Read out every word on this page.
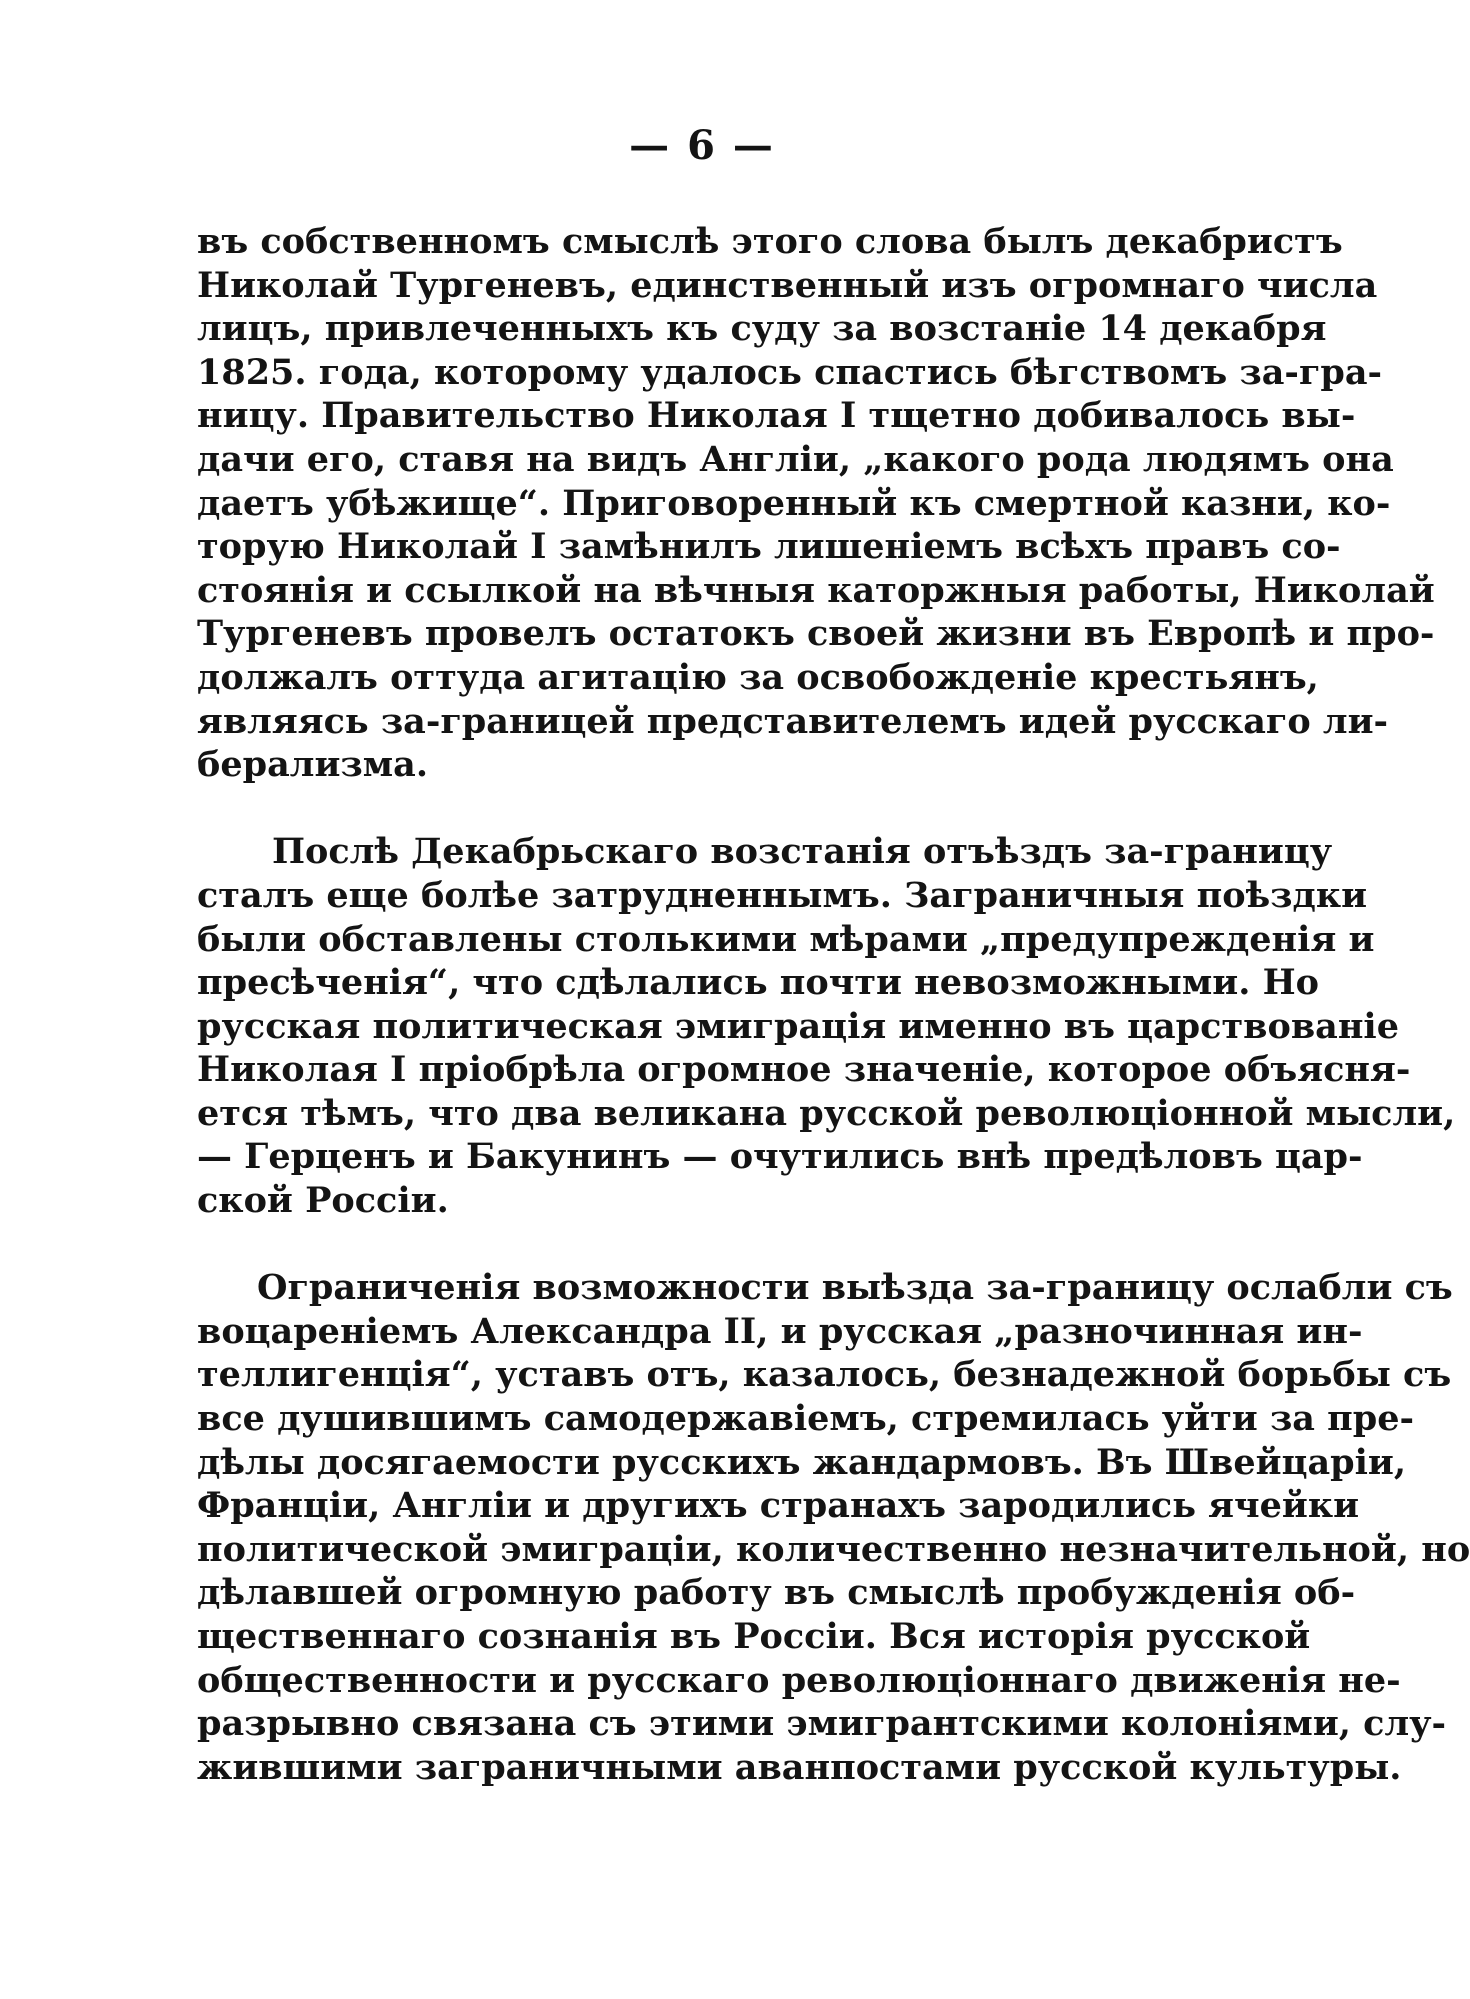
— 6 —

въ собственномъ смыслѣ этого слова былъ декабристъ
Николай Тургеневъ, единственный изъ огромнаго числа
лицъ, привлеченныхъ къ суду за возстаніе 14 декабря
1825. года, которому удалось спастись бѣгствомъ за-гра-
ницу. Правительство Николая I тщетно добивалось вы-
дачи его, ставя на видъ Англіи, „какого рода людямъ она
даетъ убѣжище“. Приговоренный къ смертной казни, ко-
торую Николай I замѣнилъ лишеніемъ всѣхъ правъ со-
стоянія и ссылкой на вѣчныя каторжныя работы, Николай
Тургеневъ провелъ остатокъ своей жизни въ Европѣ и про-
должалъ оттуда агитацію за освобожденіе крестьянъ,
являясь за-границей представителемъ идей русскаго ли-
берализма.

Послѣ Декабрьскаго возстанія отъѣздъ за-границу
сталъ еще болѣе затрудненнымъ. Заграничныя поѣздки
были обставлены столькими мѣрами „предупрежденія и
пресѣченія“, что сдѣлались почти невозможными. Но
русская политическая эмиграція именно въ царствованіе
Николая I пріобрѣла огромное значеніе, которое объясня-
ется тѣмъ, что два великана русской революціонной мысли,
— Герценъ и Бакунинъ — очутились внѣ предѣловъ цар-
ской Россіи.

Ограниченія возможности выѣзда за-границу ослабли съ
воцареніемъ Александра II, и русская „разночинная ин-
теллигенція“, уставъ отъ, казалось, безнадежной борьбы съ
все душившимъ самодержавіемъ, стремилась уйти за пре-
дѣлы досягаемости русскихъ жандармовъ. Въ Швейцаріи,
Франціи, Англіи и другихъ странахъ зародились ячейки
политической эмиграціи, количественно незначительной, но
дѣлавшей огромную работу въ смыслѣ пробужденія об-
щественнаго сознанія въ Россіи. Вся исторія русской
общественности и русскаго революціоннаго движенія не-
разрывно связана съ этими эмигрантскими колоніями, слу-
жившими заграничными аванпостами русской культуры.
